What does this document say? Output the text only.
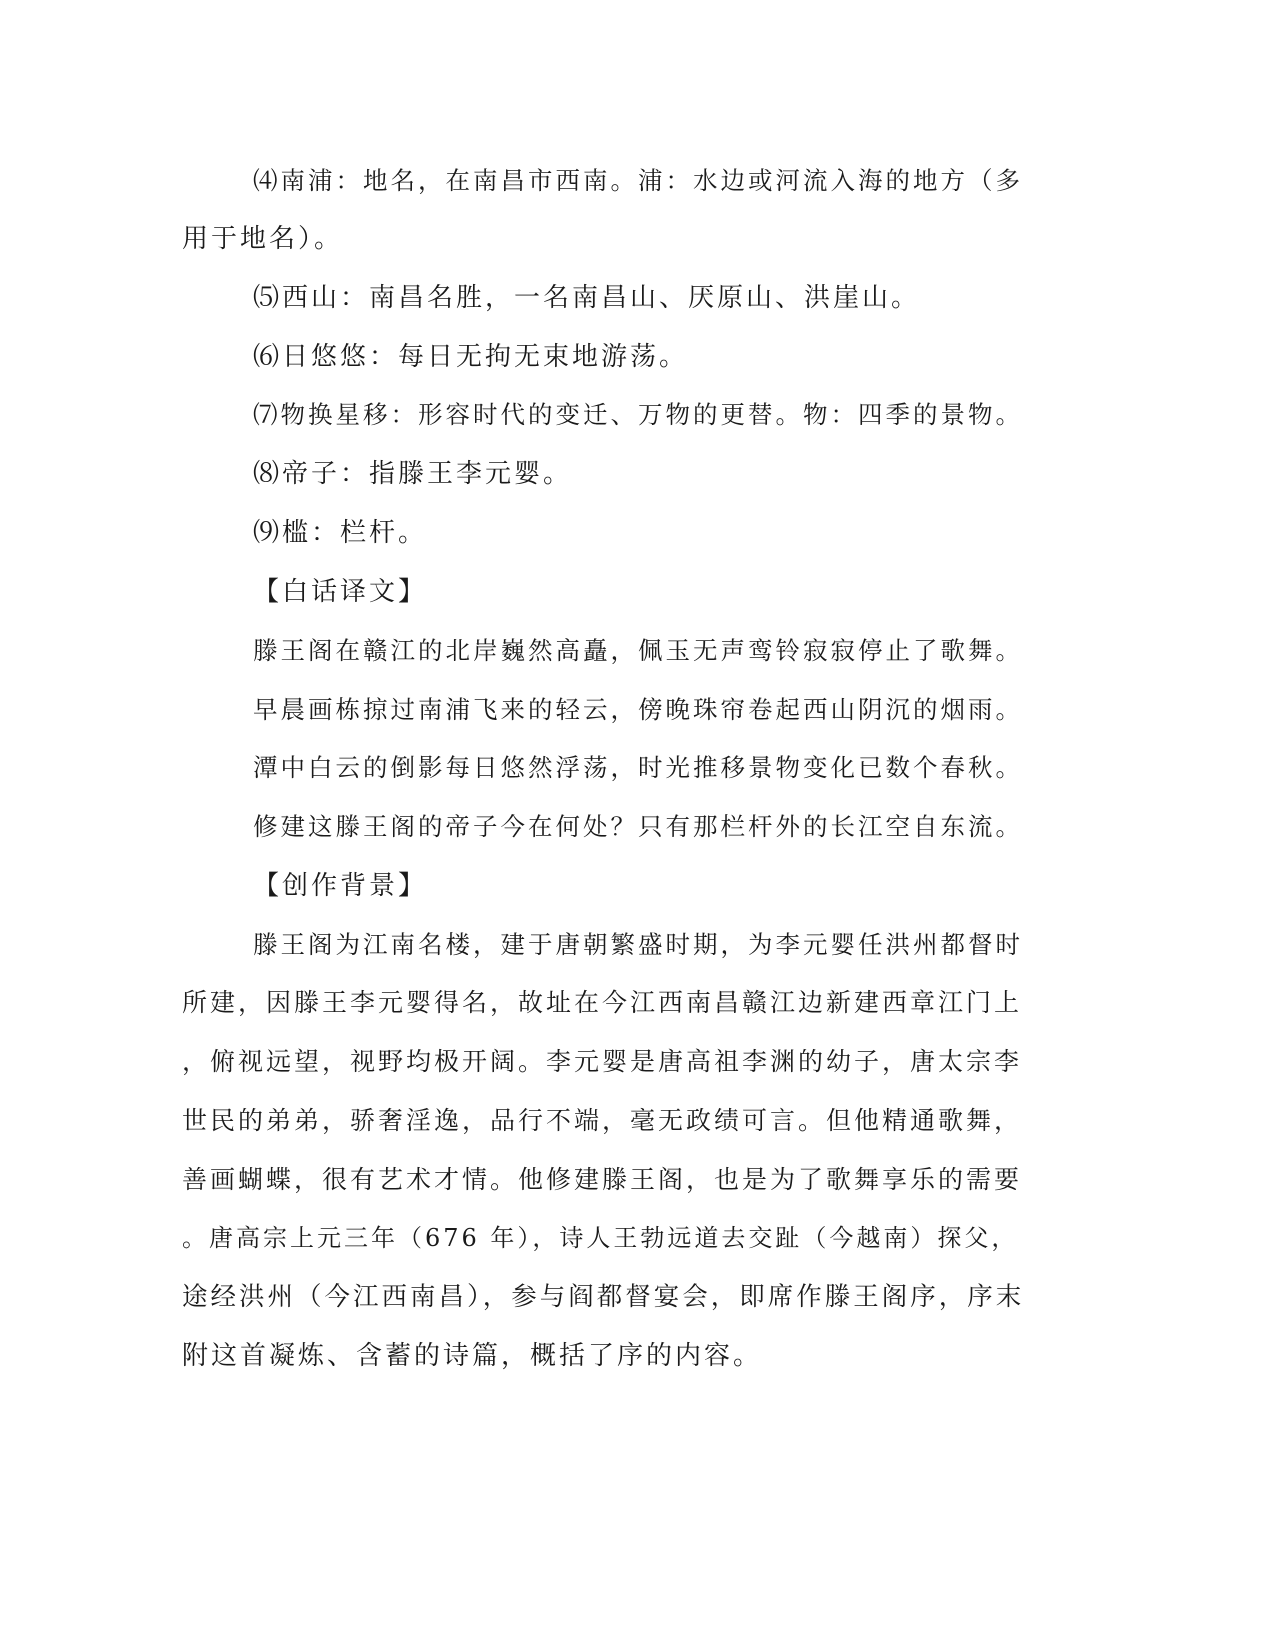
⑷南浦：地名，在南昌市西南。浦：水边或河流入海的地方（多
用于地名）。
⑸西山：南昌名胜，一名南昌山、厌原山、洪崖山。
⑹日悠悠：每日无拘无束地游荡。
⑺物换星移：形容时代的变迁、万物的更替。物：四季的景物。
⑻帝子：指滕王李元婴。
⑼槛：栏杆。
【白话译文】
滕王阁在赣江的北岸巍然高矗，佩玉无声鸾铃寂寂停止了歌舞。
早晨画栋掠过南浦飞来的轻云，傍晚珠帘卷起西山阴沉的烟雨。
潭中白云的倒影每日悠然浮荡，时光推移景物变化已数个春秋。
修建这滕王阁的帝子今在何处？只有那栏杆外的长江空自东流。
【创作背景】
滕王阁为江南名楼，建于唐朝繁盛时期，为李元婴任洪州都督时
所建，因滕王李元婴得名，故址在今江西南昌赣江边新建西章江门上
，俯视远望，视野均极开阔。李元婴是唐高祖李渊的幼子，唐太宗李
世民的弟弟，骄奢淫逸，品行不端，毫无政绩可言。但他精通歌舞，
善画蝴蝶，很有艺术才情。他修建滕王阁，也是为了歌舞享乐的需要
。唐高宗上元三年（676 年），诗人王勃远道去交趾（今越南）探父，
途经洪州（今江西南昌），参与阎都督宴会，即席作滕王阁序，序末
附这首凝炼、含蓄的诗篇，概括了序的内容。
